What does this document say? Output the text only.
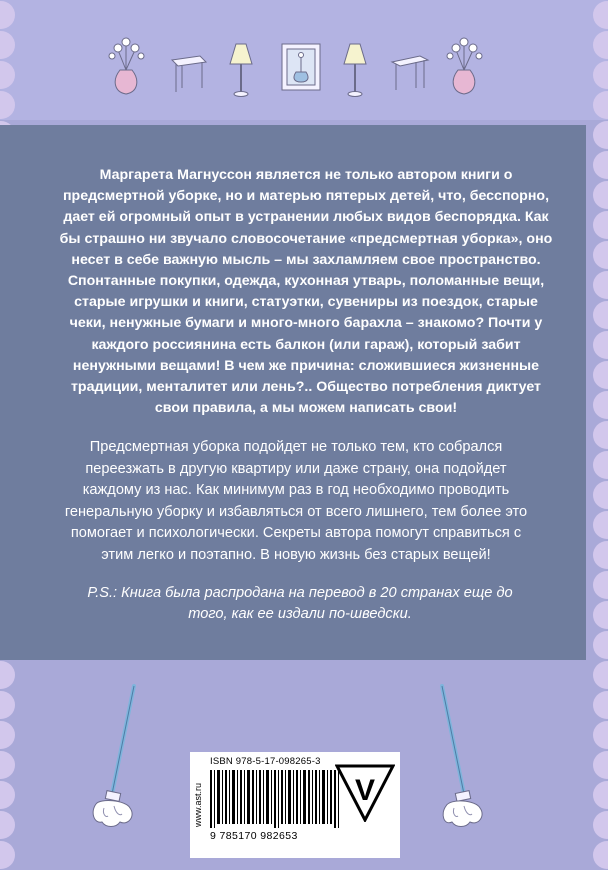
Маргарета Магнуссон является не только автором книги о предсмертной уборке, но и матерью пятерых детей, что, бесспорно, дает ей огромный опыт в устранении любых видов беспорядка. Как бы страшно ни звучало словосочетание «предсмертная уборка», оно несет в себе важную мысль – мы захламляем свое пространство. Спонтанные покупки, одежда, кухонная утварь, поломанные вещи, старые игрушки и книги, статуэтки, сувениры из поездок, старые чеки, ненужные бумаги и много-много барахла – знакомо? Почти у каждого россиянина есть балкон (или гараж), который забит ненужными вещами! В чем же причина: сложившиеся жизненные традиции, менталитет или лень?.. Общество потребления диктует свои правила, а мы можем написать свои!

Предсмертная уборка подойдет не только тем, кто собрался переезжать в другую квартиру или даже страну, она подойдет каждому из нас. Как минимум раз в год необходимо проводить генеральную уборку и избавляться от всего лишнего, тем более это помогает и психологически. Секреты автора помогут справиться с этим легко и поэтапно. В новую жизнь без старых вещей!

P.S.: Книга была распродана на перевод в 20 странах еще до того, как ее издали по-шведски.

www.ast.ru
ISBN 978-5-17-098265-3
9 785170 982653
V
